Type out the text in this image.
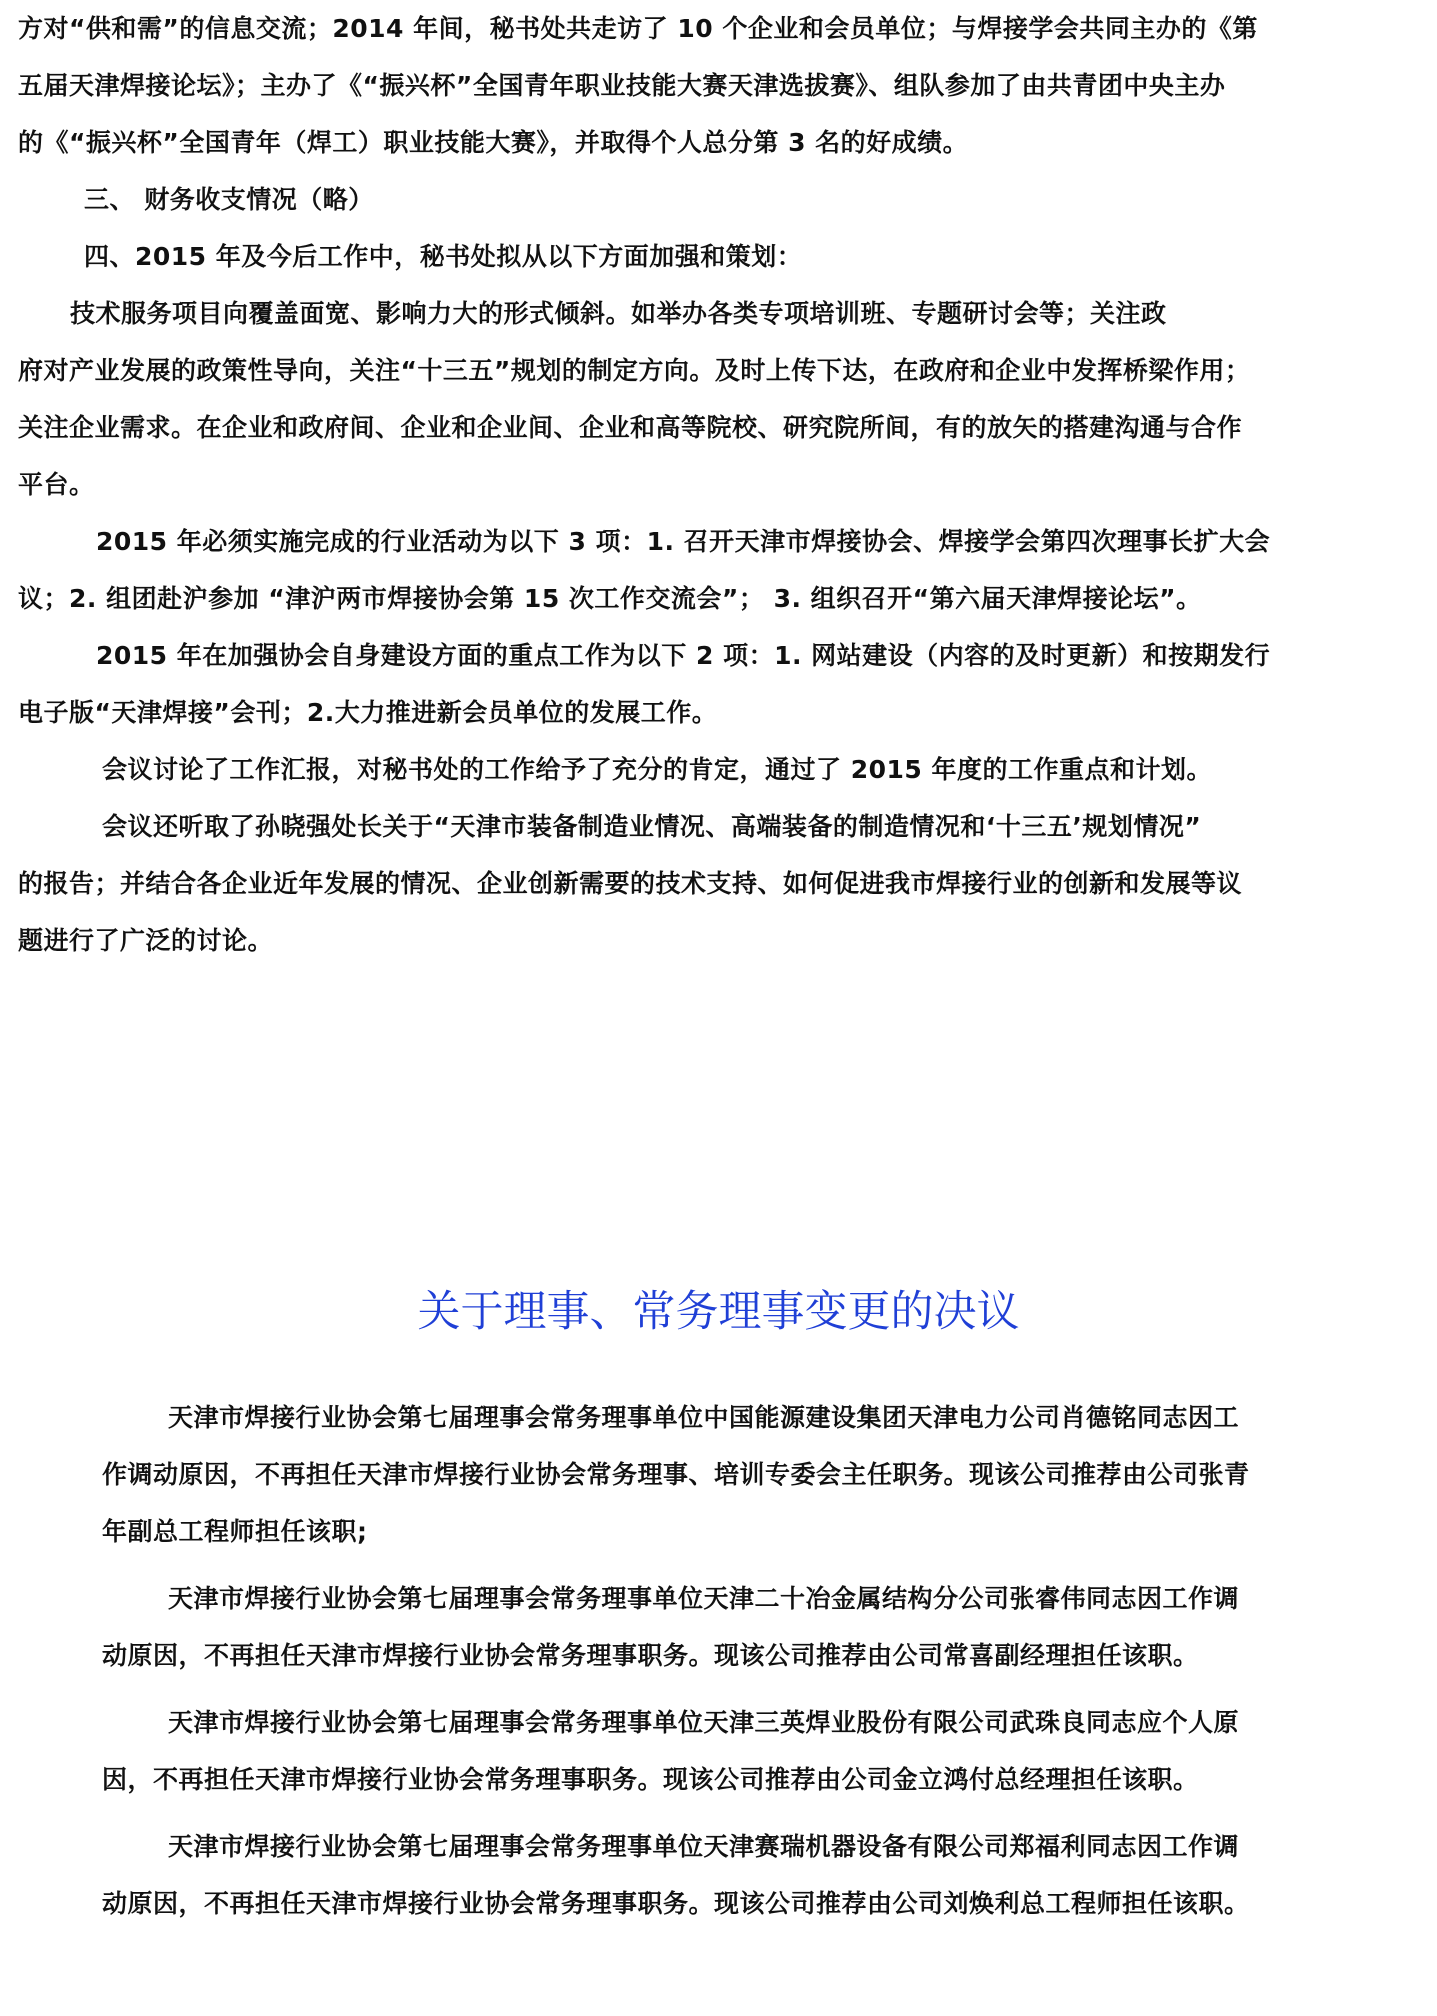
方对“供和需”的信息交流；2014 年间，秘书处共走访了 10 个企业和会员单位；与焊接学会共同主办的《第
五届天津焊接论坛》；主办了《“振兴杯”全国青年职业技能大赛天津选拔赛》、组队参加了由共青团中央主办
的《“振兴杯”全国青年（焊工）职业技能大赛》，并取得个人总分第 3 名的好成绩。
三、 财务收支情况（略）
四、2015 年及今后工作中，秘书处拟从以下方面加强和策划：
技术服务项目向覆盖面宽、影响力大的形式倾斜。如举办各类专项培训班、专题研讨会等；关注政
府对产业发展的政策性导向，关注“十三五”规划的制定方向。及时上传下达，在政府和企业中发挥桥梁作用；
关注企业需求。在企业和政府间、企业和企业间、企业和高等院校、研究院所间，有的放矢的搭建沟通与合作
平台。
2015 年必须实施完成的行业活动为以下 3 项：1. 召开天津市焊接协会、焊接学会第四次理事长扩大会
议；2. 组团赴沪参加 “津沪两市焊接协会第 15 次工作交流会”； 3. 组织召开“第六届天津焊接论坛”。
2015 年在加强协会自身建设方面的重点工作为以下 2 项：1. 网站建设（内容的及时更新）和按期发行
电子版“天津焊接”会刊；2.大力推进新会员单位的发展工作。
会议讨论了工作汇报，对秘书处的工作给予了充分的肯定，通过了 2015 年度的工作重点和计划。
会议还听取了孙晓强处长关于“天津市装备制造业情况、高端装备的制造情况和‘十三五’规划情况”
的报告；并结合各企业近年发展的情况、企业创新需要的技术支持、如何促进我市焊接行业的创新和发展等议
题进行了广泛的讨论。
关于理事、常务理事变更的决议
天津市焊接行业协会第七届理事会常务理事单位中国能源建设集团天津电力公司肖德铭同志因工
作调动原因，不再担任天津市焊接行业协会常务理事、培训专委会主任职务。现该公司推荐由公司张青
年副总工程师担任该职;
天津市焊接行业协会第七届理事会常务理事单位天津二十冶金属结构分公司张睿伟同志因工作调
动原因，不再担任天津市焊接行业协会常务理事职务。现该公司推荐由公司常喜副经理担任该职。
天津市焊接行业协会第七届理事会常务理事单位天津三英焊业股份有限公司武珠良同志应个人原
因，不再担任天津市焊接行业协会常务理事职务。现该公司推荐由公司金立鸿付总经理担任该职。
天津市焊接行业协会第七届理事会常务理事单位天津赛瑞机器设备有限公司郑福利同志因工作调
动原因，不再担任天津市焊接行业协会常务理事职务。现该公司推荐由公司刘焕利总工程师担任该职。
